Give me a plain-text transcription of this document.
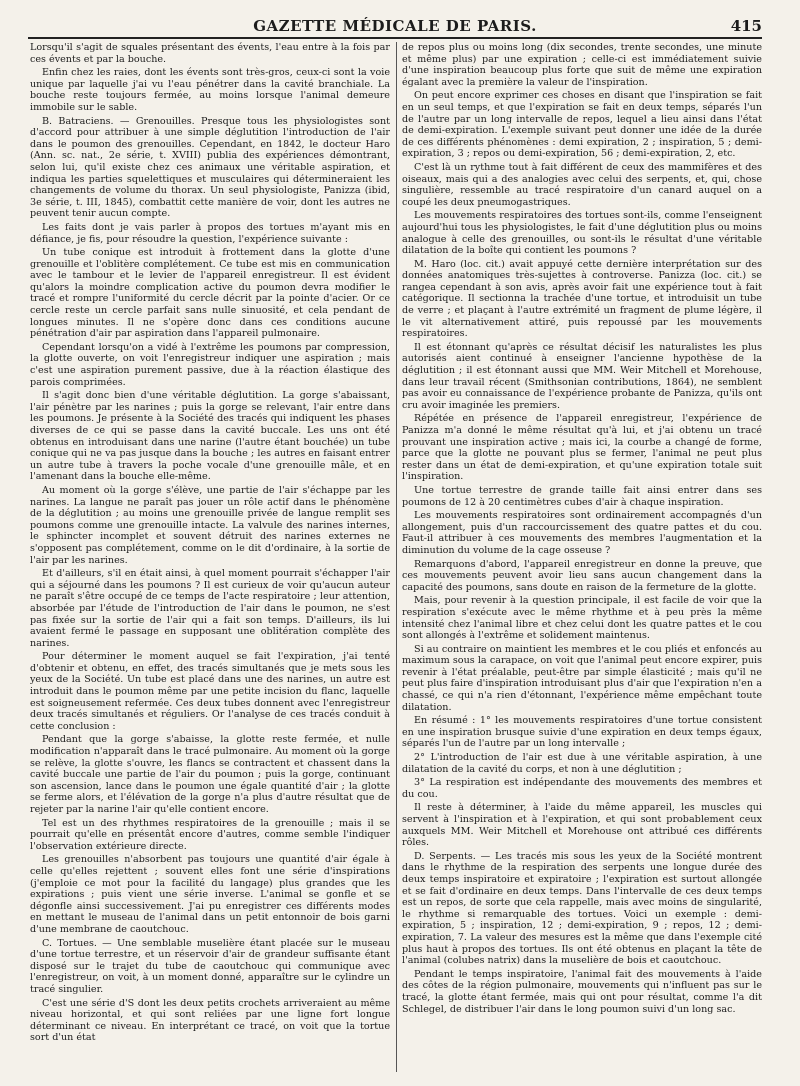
GAZETTE MÉDICALE DE PARIS.	415

Lorsqu'il s'agit de squales présentant des évents, l'eau entre à la fois par ces évents et par la bouche.

Enfin chez les raies, dont les évents sont très-gros, ceux-ci sont la voie unique par laquelle j'ai vu l'eau pénétrer dans la cavité branchiale. La bouche reste toujours fermée, au moins lorsque l'animal demeure immobile sur le sable.

B. Batraciens. — Grenouilles. Presque tous les physiologistes sont d'accord pour attribuer à une simple déglutition l'introduction de l'air dans le poumon des grenouilles. Cependant, en 1842, le docteur Haro (Ann. sc. nat., 2e série, t. XVIII) publia des expériences démontrant, selon lui, qu'il existe chez ces animaux une véritable aspiration, et indiqua les parties squelettiques et musculaires qui détermineraient les changements de volume du thorax. Un seul physiologiste, Panizza (ibid, 3e série, t. III, 1845), combattit cette manière de voir, dont les autres ne peuvent tenir aucun compte.

Les faits dont je vais parler à propos des tortues m'ayant mis en défiance, je fis, pour résoudre la question, l'expérience suivante :

Un tube conique est introduit à frottement dans la glotte d'une grenouille et l'oblitère complétement. Ce tube est mis en communication avec le tambour et le levier de l'appareil enregistreur. Il est évident qu'alors la moindre complication active du poumon devra modifier le tracé et rompre l'uniformité du cercle décrit par la pointe d'acier. Or ce cercle reste un cercle parfait sans nulle sinuosité, et cela pendant de longues minutes. Il ne s'opère donc dans ces conditions aucune pénétration d'air par aspiration dans l'appareil pulmonaire.

Cependant lorsqu'on a vidé à l'extrême les poumons par compression, la glotte ouverte, on voit l'enregistreur indiquer une aspiration ; mais c'est une aspiration purement passive, due à la réaction élastique des parois comprimées.

Il s'agit donc bien d'une véritable déglutition. La gorge s'abaissant, l'air pénètre par les narines ; puis la gorge se relevant, l'air entre dans les poumons. Je présente à la Société des tracés qui indiquent les phases diverses de ce qui se passe dans la cavité buccale. Les uns ont été obtenus en introduisant dans une narine (l'autre étant bouchée) un tube conique qui ne va pas jusque dans la bouche ; les autres en faisant entrer un autre tube à travers la poche vocale d'une grenouille mâle, et en l'amenant dans la bouche elle-même.

Au moment où la gorge s'élève, une partie de l'air s'échappe par les narines. La langue ne paraît pas jouer un rôle actif dans le phénomène de la déglutition ; au moins une grenouille privée de langue remplit ses poumons comme une grenouille intacte. La valvule des narines internes, le sphincter incomplet et souvent détruit des narines externes ne s'opposent pas complétement, comme on le dit d'ordinaire, à la sortie de l'air par les narines.

Et d'ailleurs, s'il en était ainsi, à quel moment pourrait s'échapper l'air qui a séjourné dans les poumons ? Il est curieux de voir qu'aucun auteur ne paraît s'être occupé de ce temps de l'acte respiratoire ; leur attention, absorbée par l'étude de l'introduction de l'air dans le poumon, ne s'est pas fixée sur la sortie de l'air qui a fait son temps. D'ailleurs, ils lui avaient fermé le passage en supposant une oblitération complète des narines.

Pour déterminer le moment auquel se fait l'expiration, j'ai tenté d'obtenir et obtenu, en effet, des tracés simultanés que je mets sous les yeux de la Société. Un tube est placé dans une des narines, un autre est introduit dans le poumon même par une petite incision du flanc, laquelle est soigneusement refermée. Ces deux tubes donnent avec l'enregistreur deux tracés simultanés et réguliers. Or l'analyse de ces tracés conduit à cette conclusion :

Pendant que la gorge s'abaisse, la glotte reste fermée, et nulle modification n'apparaît dans le tracé pulmonaire. Au moment où la gorge se relève, la glotte s'ouvre, les flancs se contractent et chassent dans la cavité buccale une partie de l'air du poumon ; puis la gorge, continuant son ascension, lance dans le poumon une égale quantité d'air ; la glotte se ferme alors, et l'élévation de la gorge n'a plus d'autre résultat que de rejeter par la narine l'air qu'elle contient encore.

Tel est un des rhythmes respiratoires de la grenouille ; mais il se pourrait qu'elle en présentât encore d'autres, comme semble l'indiquer l'observation extérieure directe.

Les grenouilles n'absorbent pas toujours une quantité d'air égale à celle qu'elles rejettent ; souvent elles font une série d'inspirations (j'emploie ce mot pour la facilité du langage) plus grandes que les expirations ; puis vient une série inverse. L'animal se gonfle et se dégonfle ainsi successivement. J'ai pu enregistrer ces différents modes en mettant le museau de l'animal dans un petit entonnoir de bois garni d'une membrane de caoutchouc.

C. Tortues. — Une semblable muselière étant placée sur le museau d'une tortue terrestre, et un réservoir d'air de grandeur suffisante étant disposé sur le trajet du tube de caoutchouc qui communique avec l'enregistreur, on voit, à un moment donné, apparaître sur le cylindre un tracé singulier.

C'est une série d'S dont les deux petits crochets arriveraient au même niveau horizontal, et qui sont reliées par une ligne fort longue déterminant ce niveau. En interprétant ce tracé, on voit que la tortue sort d'un état

de repos plus ou moins long (dix secondes, trente secondes, une minute et même plus) par une expiration ; celle-ci est immédiatement suivie d'une inspiration beaucoup plus forte que suit de même une expiration égalant avec la première la valeur de l'inspiration.

On peut encore exprimer ces choses en disant que l'inspiration se fait en un seul temps, et que l'expiration se fait en deux temps, séparés l'un de l'autre par un long intervalle de repos, lequel a lieu ainsi dans l'état de demi-expiration. L'exemple suivant peut donner une idée de la durée de ces différents phénomènes : demi expiration, 2 ; inspiration, 5 ; demi-expiration, 3 ; repos ou demi-expiration, 56 ; demi-expiration, 2, etc.

C'est là un rythme tout à fait différent de ceux des mammifères et des oiseaux, mais qui a des analogies avec celui des serpents, et, qui, chose singulière, ressemble au tracé respiratoire d'un canard auquel on a coupé les deux pneumogastriques.

Les mouvements respiratoires des tortues sont-ils, comme l'enseignent aujourd'hui tous les physiologistes, le fait d'une déglutition plus ou moins analogue à celle des grenouilles, ou sont-ils le résultat d'une véritable dilatation de la boîte qui contient les poumons ?

M. Haro (loc. cit.) avait appuyé cette dernière interprétation sur des données anatomiques très-sujettes à controverse. Panizza (loc. cit.) se rangea cependant à son avis, après avoir fait une expérience tout à fait catégorique. Il sectionna la trachée d'une tortue, et introduisit un tube de verre ; et plaçant à l'autre extrémité un fragment de plume légère, il le vit alternativement attiré, puis repoussé par les mouvements respiratoires.

Il est étonnant qu'après ce résultat décisif les naturalistes les plus autorisés aient continué à enseigner l'ancienne hypothèse de la déglutition ; il est étonnant aussi que MM. Weir Mitchell et Morehouse, dans leur travail récent (Smithsonian contributions, 1864), ne semblent pas avoir eu connaissance de l'expérience probante de Panizza, qu'ils ont cru avoir imaginée les premiers.

Répétée en présence de l'appareil enregistreur, l'expérience de Panizza m'a donné le même résultat qu'à lui, et j'ai obtenu un tracé prouvant une inspiration active ; mais ici, la courbe a changé de forme, parce que la glotte ne pouvant plus se fermer, l'animal ne peut plus rester dans un état de demi-expiration, et qu'une expiration totale suit l'inspiration.

Une tortue terrestre de grande taille fait ainsi entrer dans ses poumons de 12 à 20 centimètres cubes d'air à chaque inspiration.

Les mouvements respiratoires sont ordinairement accompagnés d'un allongement, puis d'un raccourcissement des quatre pattes et du cou. Faut-il attribuer à ces mouvements des membres l'augmentation et la diminution du volume de la cage osseuse ?

Remarquons d'abord, l'appareil enregistreur en donne la preuve, que ces mouvements peuvent avoir lieu sans aucun changement dans la capacité des poumons, sans doute en raison de la fermeture de la glotte.

Mais, pour revenir à la question principale, il est facile de voir que la respiration s'exécute avec le même rhythme et à peu près la même intensité chez l'animal libre et chez celui dont les quatre pattes et le cou sont allongés à l'extrême et solidement maintenus.

Si au contraire on maintient les membres et le cou pliés et enfoncés au maximum sous la carapace, on voit que l'animal peut encore expirer, puis revenir à l'état préalable, peut-être par simple élasticité ; mais qu'il ne peut plus faire d'inspiration introduisant plus d'air que l'expiration n'en a chassé, ce qui n'a rien d'étonnant, l'expérience même empêchant toute dilatation.

En résumé : 1° les mouvements respiratoires d'une tortue consistent en une inspiration brusque suivie d'une expiration en deux temps égaux, séparés l'un de l'autre par un long intervalle ;

2° L'introduction de l'air est due à une véritable aspiration, à une dilatation de la cavité du corps, et non à une déglutition ;

3° La respiration est indépendante des mouvements des membres et du cou.

Il reste à déterminer, à l'aide du même appareil, les muscles qui servent à l'inspiration et à l'expiration, et qui sont probablement ceux auxquels MM. Weir Mitchell et Morehouse ont attribué ces différents rôles.

D. Serpents. — Les tracés mis sous les yeux de la Société montrent dans le rhythme de la respiration des serpents une longue durée des deux temps inspiratoire et expiratoire ; l'expiration est surtout allongée et se fait d'ordinaire en deux temps. Dans l'intervalle de ces deux temps est un repos, de sorte que cela rappelle, mais avec moins de singularité, le rhythme si remarquable des tortues. Voici un exemple : demi-expiration, 5 ; inspiration, 12 ; demi-expiration, 9 ; repos, 12 ; demi-expiration, 7. La valeur des mesures est la même que dans l'exemple cité plus haut à propos des tortues. Ils ont été obtenus en plaçant la tête de l'animal (colubes natrix) dans la muselière de bois et caoutchouc.

Pendant le temps inspiratoire, l'animal fait des mouvements à l'aide des côtes de la région pulmonaire, mouvements qui n'influent pas sur le tracé, la glotte étant fermée, mais qui ont pour résultat, comme l'a dit Schlegel, de distribuer l'air dans le long poumon suivi d'un long sac.
